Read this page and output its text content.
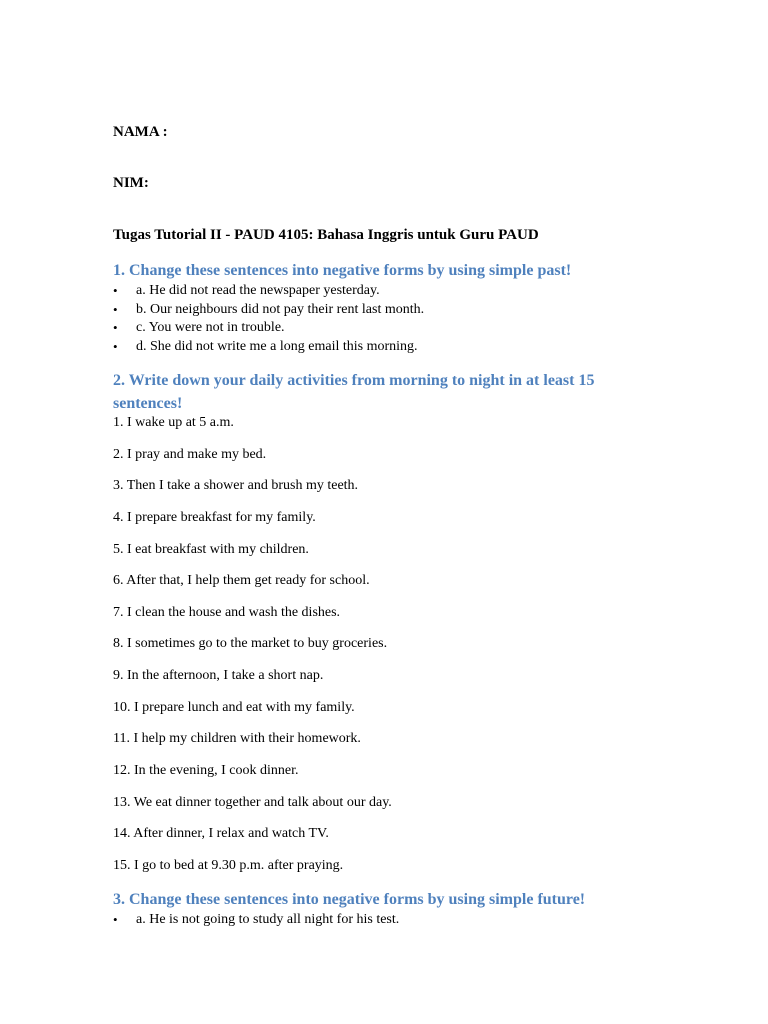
NAMA :

NIM:

Tugas Tutorial II - PAUD 4105: Bahasa Inggris untuk Guru PAUD

1. Change these sentences into negative forms by using simple past!
• a. He did not read the newspaper yesterday.
• b. Our neighbours did not pay their rent last month.
• c. You were not in trouble.
• d. She did not write me a long email this morning.
2. Write down your daily activities from morning to night in at least 15 sentences!
1. I wake up at 5 a.m.
2. I pray and make my bed.
3. Then I take a shower and brush my teeth.
4. I prepare breakfast for my family.
5. I eat breakfast with my children.
6. After that, I help them get ready for school.
7. I clean the house and wash the dishes.
8. I sometimes go to the market to buy groceries.
9. In the afternoon, I take a short nap.
10. I prepare lunch and eat with my family.
11. I help my children with their homework.
12. In the evening, I cook dinner.
13. We eat dinner together and talk about our day.
14. After dinner, I relax and watch TV.
15. I go to bed at 9.30 p.m. after praying.
3. Change these sentences into negative forms by using simple future!
• a. He is not going to study all night for his test.
